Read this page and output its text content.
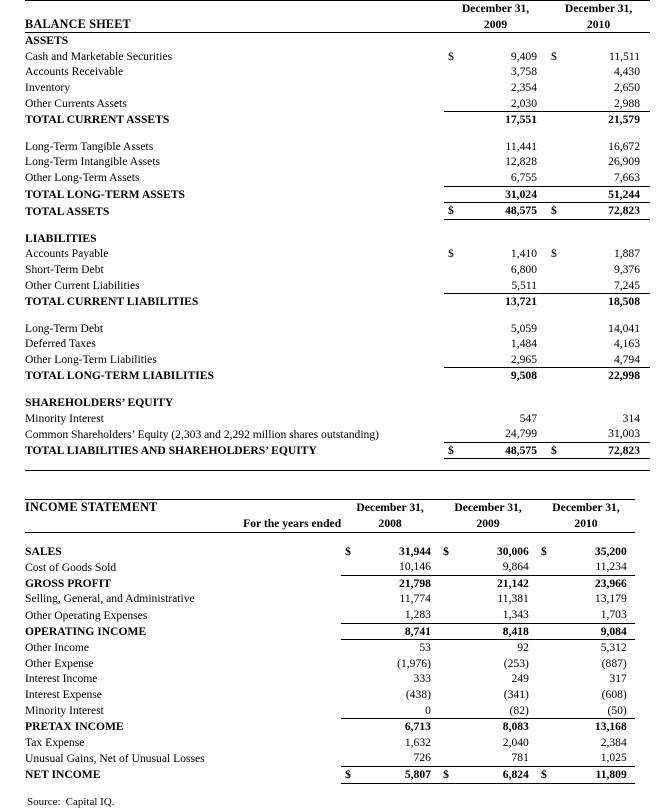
BALANCE SHEET	December 31,
2009			December 31,
2010		

ASSETS						
Cash and Marketable Securities	$	9,409		$	11,511	
Accounts Receivable		3,758			4,430	
Inventory		2,354			2,650	
Other Currents Assets		2,030			2,988	
TOTAL CURRENT ASSETS		17,551			21,579	

Long-Term Tangible Assets		11,441			16,672	
Long-Term Intangible Assets		12,828			26,909	
Other Long-Term Assets		6,755			7,663	
TOTAL LONG-TERM ASSETS		31,024			51,244	
TOTAL ASSETS	$	48,575		$	72,823	

LIABILITIES						
Accounts Payable	$	1,410		$	1,887	
Short-Term Debt		6,800			9,376	
Other Current Liabilities		5,511			7,245	
TOTAL CURRENT LIABILITIES		13,721			18,508	

Long-Term Debt		5,059			14,041	
Deferred Taxes		1,484			4,163	
Other Long-Term Liabilities		2,965			4,794	
TOTAL LONG-TERM LIABILITIES		9,508			22,998	

SHAREHOLDERS’ EQUITY						
Minority Interest		547			314	
Common Shareholders’ Equity (2,303 and 2,292 million shares outstanding)		24,799			31,003	
TOTAL LIABILITIES AND SHAREHOLDERS’ EQUITY	$	48,575		$	72,823	

INCOME STATEMENT	December 31,
2008			December 31,
2009			December 31,
2010		

For the years ended									

SALES	$	31,944		$	30,006		$	35,200	
Cost of Goods Sold		10,146			9,864			11,234	
GROSS PROFIT		21,798			21,142			23,966	
Selling, General, and Administrative		11,774			11,381			13,179	
Other Operating Expenses		1,283			1,343			1,703	
OPERATING INCOME		8,741			8,418			9,084	
Other Income		53			92			5,312	
Other Expense		(1,976)			(253)			(887)	
Interest Income		333			249			317	
Interest Expense		(438)			(341)			(608)	
Minority Interest		0			(82)			(50)	
PRETAX INCOME		6,713			8,083			13,168	
Tax Expense		1,632			2,040			2,384	
Unusual Gains, Net of Unusual Losses		726			781			1,025	
NET INCOME	$	5,807		$	6,824		$	11,809	
Source: Capital IQ.
